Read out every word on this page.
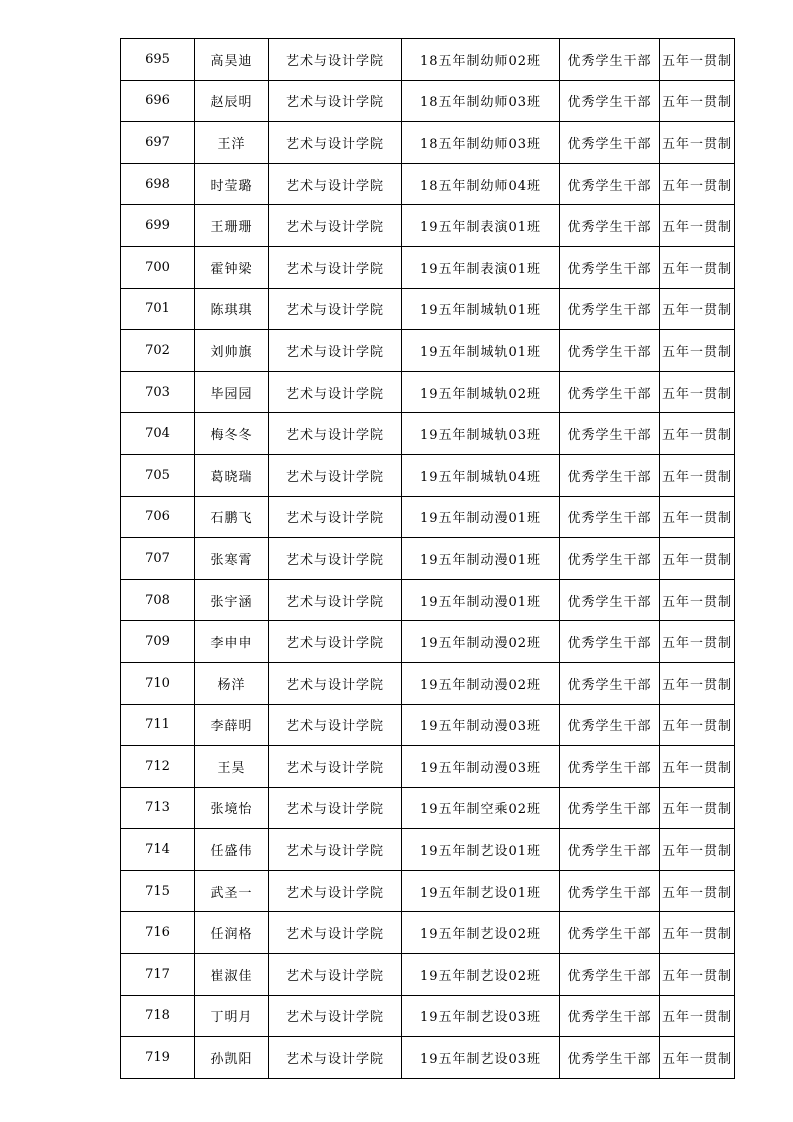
695	高昊迪	艺术与设计学院	18五年制幼师02班	优秀学生干部	五年一贯制
696	赵辰明	艺术与设计学院	18五年制幼师03班	优秀学生干部	五年一贯制
697	王洋	艺术与设计学院	18五年制幼师03班	优秀学生干部	五年一贯制
698	时莹璐	艺术与设计学院	18五年制幼师04班	优秀学生干部	五年一贯制
699	王珊珊	艺术与设计学院	19五年制表演01班	优秀学生干部	五年一贯制
700	霍钟梁	艺术与设计学院	19五年制表演01班	优秀学生干部	五年一贯制
701	陈琪琪	艺术与设计学院	19五年制城轨01班	优秀学生干部	五年一贯制
702	刘帅旗	艺术与设计学院	19五年制城轨01班	优秀学生干部	五年一贯制
703	毕园园	艺术与设计学院	19五年制城轨02班	优秀学生干部	五年一贯制
704	梅冬冬	艺术与设计学院	19五年制城轨03班	优秀学生干部	五年一贯制
705	葛晓瑞	艺术与设计学院	19五年制城轨04班	优秀学生干部	五年一贯制
706	石鹏飞	艺术与设计学院	19五年制动漫01班	优秀学生干部	五年一贯制
707	张寒霄	艺术与设计学院	19五年制动漫01班	优秀学生干部	五年一贯制
708	张宇涵	艺术与设计学院	19五年制动漫01班	优秀学生干部	五年一贯制
709	李申申	艺术与设计学院	19五年制动漫02班	优秀学生干部	五年一贯制
710	杨洋	艺术与设计学院	19五年制动漫02班	优秀学生干部	五年一贯制
711	李薛明	艺术与设计学院	19五年制动漫03班	优秀学生干部	五年一贯制
712	王昊	艺术与设计学院	19五年制动漫03班	优秀学生干部	五年一贯制
713	张境怡	艺术与设计学院	19五年制空乘02班	优秀学生干部	五年一贯制
714	任盛伟	艺术与设计学院	19五年制艺设01班	优秀学生干部	五年一贯制
715	武圣一	艺术与设计学院	19五年制艺设01班	优秀学生干部	五年一贯制
716	任润格	艺术与设计学院	19五年制艺设02班	优秀学生干部	五年一贯制
717	崔淑佳	艺术与设计学院	19五年制艺设02班	优秀学生干部	五年一贯制
718	丁明月	艺术与设计学院	19五年制艺设03班	优秀学生干部	五年一贯制
719	孙凯阳	艺术与设计学院	19五年制艺设03班	优秀学生干部	五年一贯制
